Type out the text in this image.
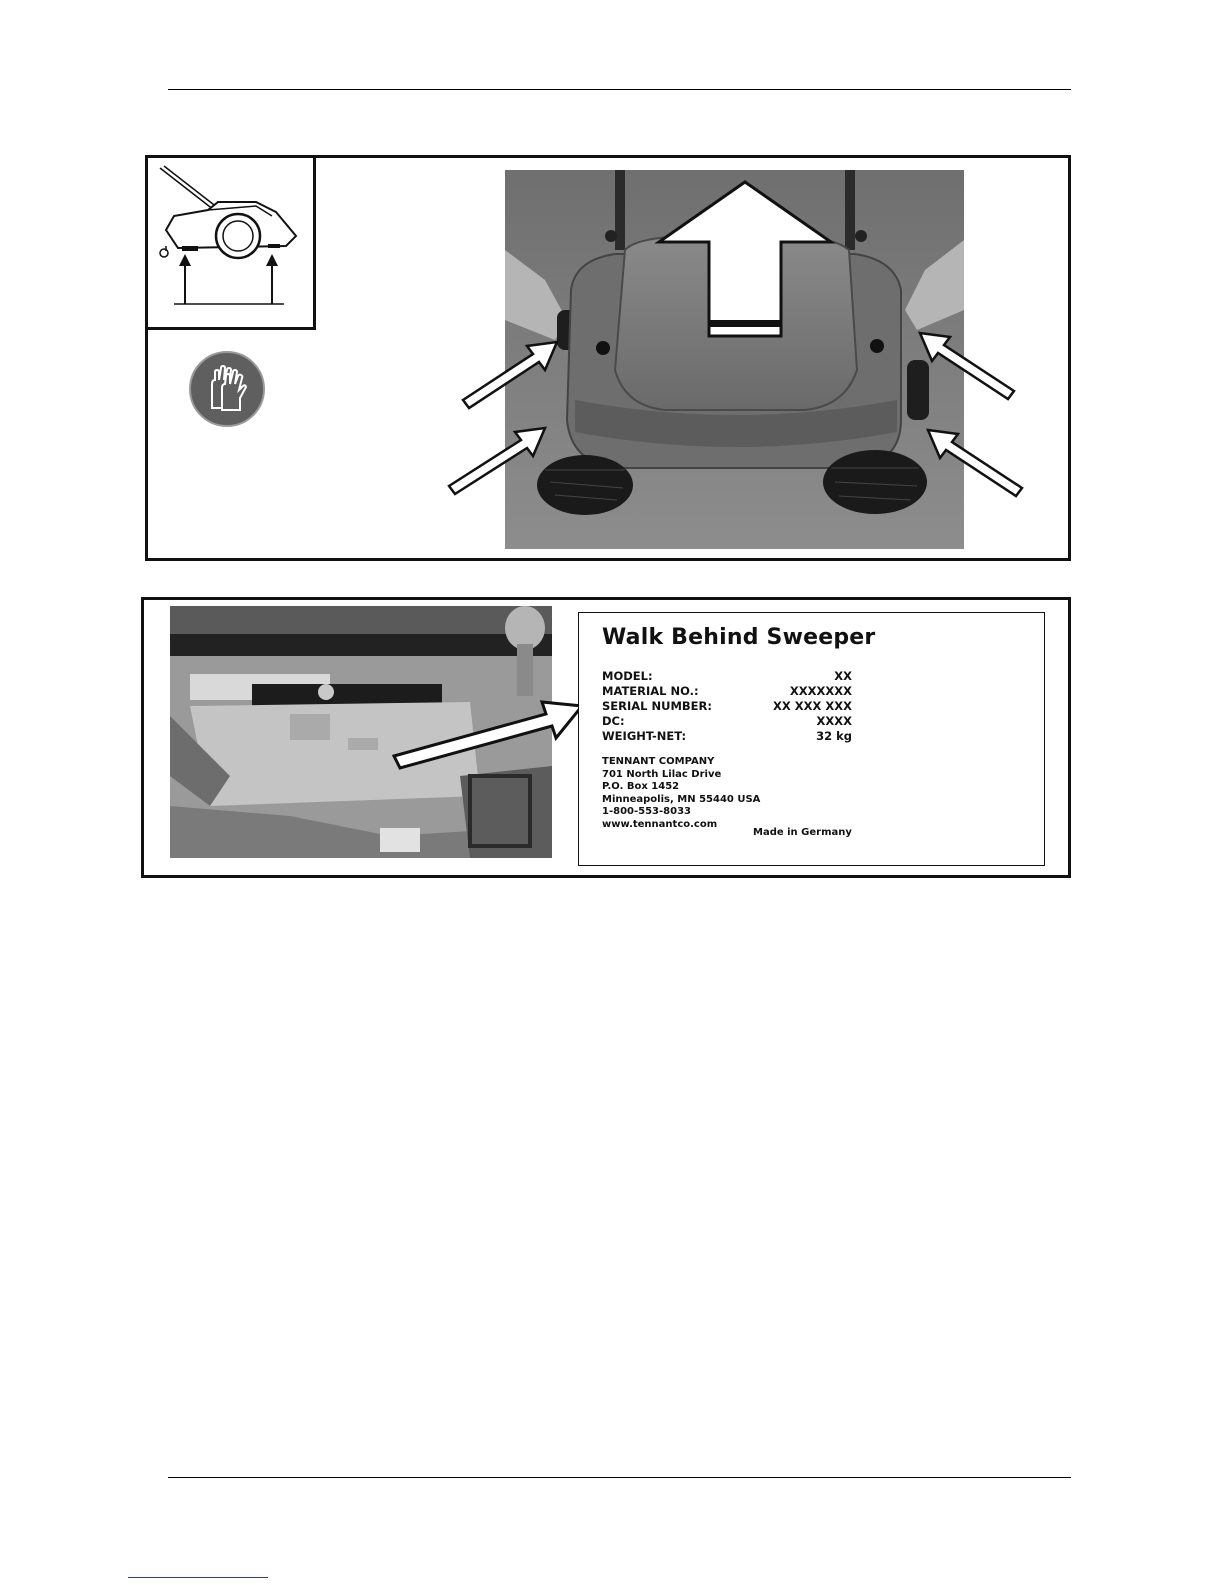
Walk Behind Sweeper
MODEL:	XX
MATERIAL NO.:	XXXXXXX
SERIAL NUMBER:	XX XXX XXX
DC:	XXXX
WEIGHT-NET:	32 kg
TENNANT COMPANY
701 North Lilac Drive
P.O. Box 1452
Minneapolis, MN 55440 USA
1-800-553-8033
www.tennantco.com
Made in Germany
